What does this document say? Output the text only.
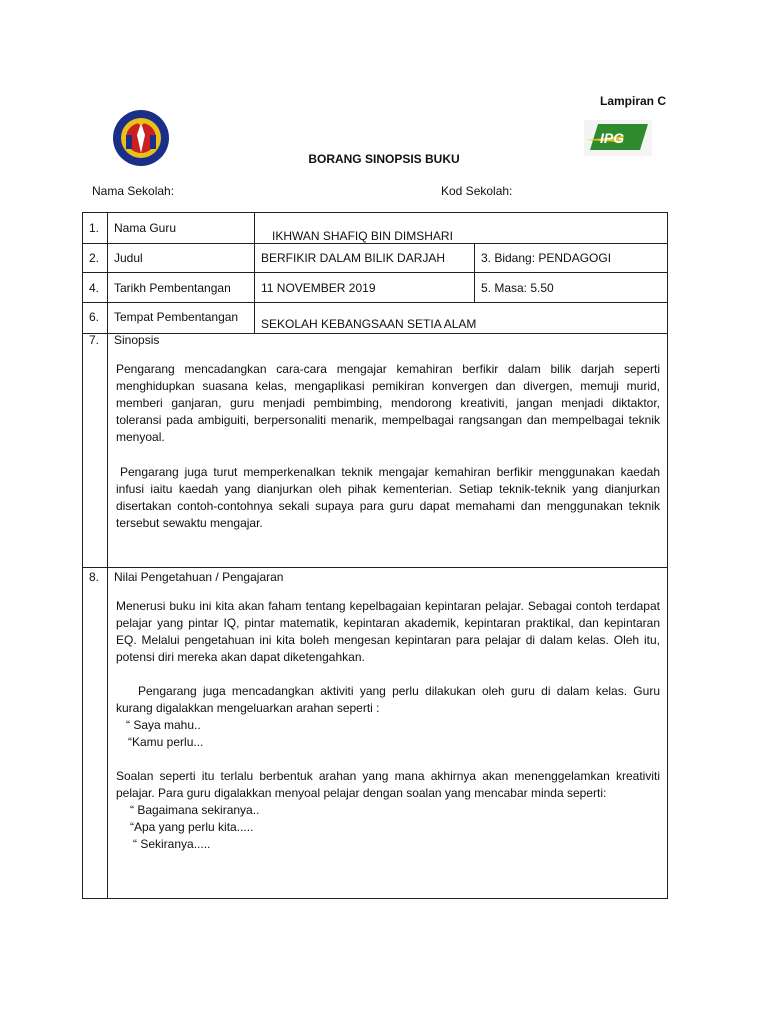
Lampiran C
IPG
BORANG SINOPSIS BUKU
Nama Sekolah:	Kod Sekolah:
1. Nama Guru
IKHWAN SHAFIQ BIN DIMSHARI
2. Judul	BERFIKIR DALAM BILIK DARJAH	3. Bidang: PENDAGOGI
4. Tarikh Pembentangan	11 NOVEMBER 2019	5. Masa: 5.50
6. Tempat Pembentangan SEKOLAH KEBANGSAAN SETIA ALAM
7. Sinopsis
Pengarang mencadangkan cara-cara mengajar kemahiran berfikir dalam bilik darjah seperti menghidupkan suasana kelas, mengaplikasi pemikiran konvergen dan divergen, memuji murid, memberi ganjaran, guru menjadi pembimbing, mendorong kreativiti, jangan menjadi diktaktor, toleransi pada ambiguiti, berpersonaliti menarik, mempelbagai rangsangan dan mempelbagai teknik menyoal.
Pengarang juga turut memperkenalkan teknik mengajar kemahiran berfikir menggunakan kaedah infusi iaitu kaedah yang dianjurkan oleh pihak kementerian. Setiap teknik-teknik yang dianjurkan disertakan contoh-contohnya sekali supaya para guru dapat memahami dan menggunakan teknik tersebut sewaktu mengajar.
8. Nilai Pengetahuan / Pengajaran
Menerusi buku ini kita akan faham tentang kepelbagaian kepintaran pelajar. Sebagai contoh terdapat pelajar yang pintar IQ, pintar matematik, kepintaran akademik, kepintaran praktikal, dan kepintaran EQ. Melalui pengetahuan ini kita boleh mengesan kepintaran para pelajar di dalam kelas. Oleh itu, potensi diri mereka akan dapat diketengahkan.
Pengarang juga mencadangkan aktiviti yang perlu dilakukan oleh guru di dalam kelas. Guru kurang digalakkan mengeluarkan arahan seperti :
“ Saya mahu..
“Kamu perlu...
Soalan seperti itu terlalu berbentuk arahan yang mana akhirnya akan menenggelamkan kreativiti pelajar. Para guru digalakkan menyoal pelajar dengan soalan yang mencabar minda seperti:
“ Bagaimana sekiranya..
“Apa yang perlu kita.....
“ Sekiranya.....
